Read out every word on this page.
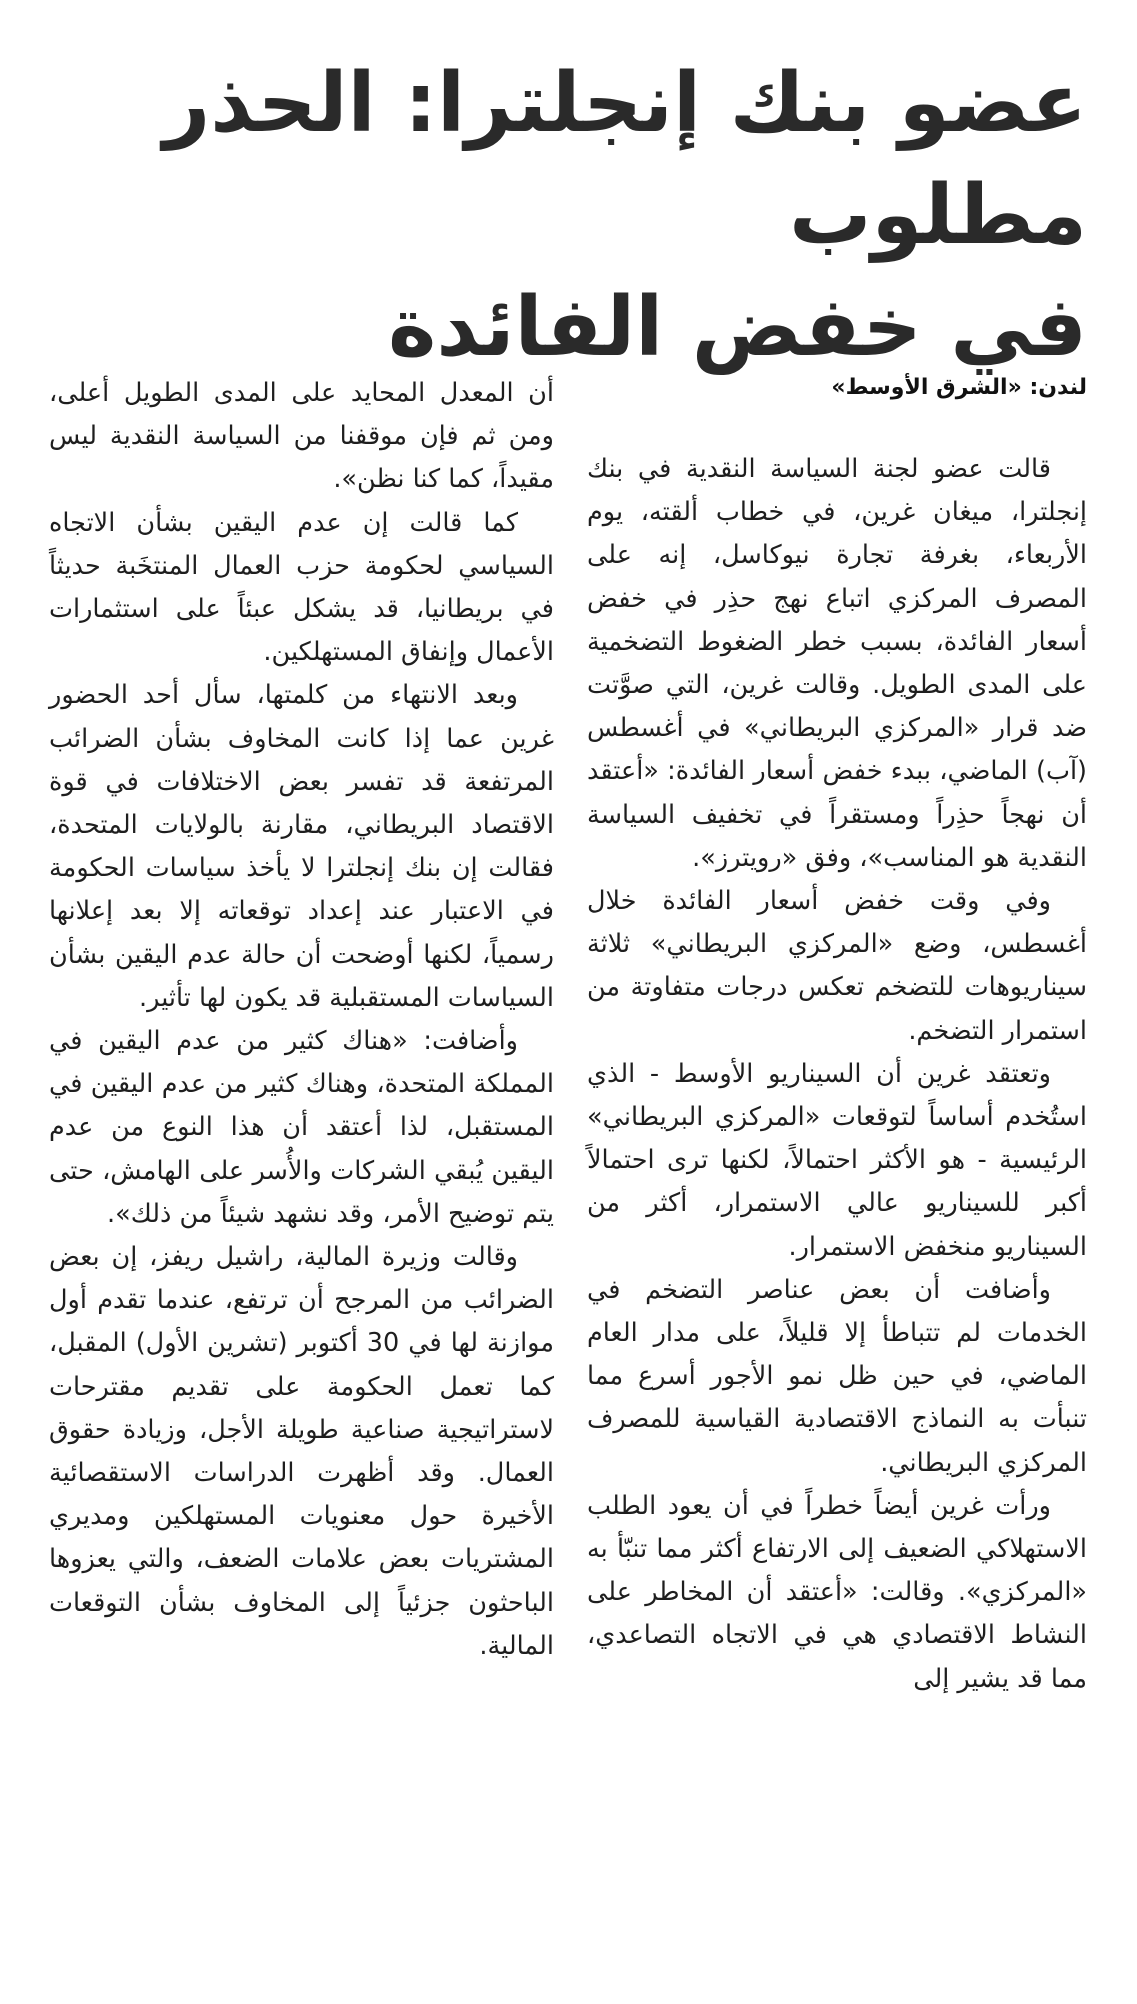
عضو بنك إنجلترا: الحذر مطلوب
في خفض الفائدة
لندن: «الشرق الأوسط»

قالت عضو لجنة السياسة النقدية في بنك إنجلترا، ميغان غرين، في خطاب ألقته، يوم الأربعاء، بغرفة تجارة نيوكاسل، إنه على المصرف المركزي اتباع نهج حذِر في خفض أسعار الفائدة، بسبب خطر الضغوط التضخمية على المدى الطويل. وقالت غرين، التي صوَّتت ضد قرار «المركزي البريطاني» في أغسطس (آب) الماضي، ببدء خفض أسعار الفائدة: «أعتقد أن نهجاً حذِراً ومستقراً في تخفيف السياسة النقدية هو المناسب»، وفق «رويترز».

وفي وقت خفض أسعار الفائدة خلال أغسطس، وضع «المركزي البريطاني» ثلاثة سيناريوهات للتضخم تعكس درجات متفاوتة من استمرار التضخم.

وتعتقد غرين أن السيناريو الأوسط - الذي استُخدم أساساً لتوقعات «المركزي البريطاني» الرئيسية - هو الأكثر احتمالاً، لكنها ترى احتمالاً أكبر للسيناريو عالي الاستمرار، أكثر من السيناريو منخفض الاستمرار.

وأضافت أن بعض عناصر التضخم في الخدمات لم تتباطأ إلا قليلاً، على مدار العام الماضي، في حين ظل نمو الأجور أسرع مما تنبأت به النماذج الاقتصادية القياسية للمصرف المركزي البريطاني.

ورأت غرين أيضاً خطراً في أن يعود الطلب الاستهلاكي الضعيف إلى الارتفاع أكثر مما تنبّأ به «المركزي». وقالت: «أعتقد أن المخاطر على النشاط الاقتصادي هي في الاتجاه التصاعدي، مما قد يشير إلى

أن المعدل المحايد على المدى الطويل أعلى، ومن ثم فإن موقفنا من السياسة النقدية ليس مقيداً، كما كنا نظن».

كما قالت إن عدم اليقين بشأن الاتجاه السياسي لحكومة حزب العمال المنتخَبة حديثاً في بريطانيا، قد يشكل عبئاً على استثمارات الأعمال وإنفاق المستهلكين.

وبعد الانتهاء من كلمتها، سأل أحد الحضور غرين عما إذا كانت المخاوف بشأن الضرائب المرتفعة قد تفسر بعض الاختلافات في قوة الاقتصاد البريطاني، مقارنة بالولايات المتحدة، فقالت إن بنك إنجلترا لا يأخذ سياسات الحكومة في الاعتبار عند إعداد توقعاته إلا بعد إعلانها رسمياً، لكنها أوضحت أن حالة عدم اليقين بشأن السياسات المستقبلية قد يكون لها تأثير.

وأضافت: «هناك كثير من عدم اليقين في المملكة المتحدة، وهناك كثير من عدم اليقين في المستقبل، لذا أعتقد أن هذا النوع من عدم اليقين يُبقي الشركات والأُسر على الهامش، حتى يتم توضيح الأمر، وقد نشهد شيئاً من ذلك».

وقالت وزيرة المالية، راشيل ريفز، إن بعض الضرائب من المرجح أن ترتفع، عندما تقدم أول موازنة لها في 30 أكتوبر (تشرين الأول) المقبل، كما تعمل الحكومة على تقديم مقترحات لاستراتيجية صناعية طويلة الأجل، وزيادة حقوق العمال. وقد أظهرت الدراسات الاستقصائية الأخيرة حول معنويات المستهلكين ومديري المشتريات بعض علامات الضعف، والتي يعزوها الباحثون جزئياً إلى المخاوف بشأن التوقعات المالية.
